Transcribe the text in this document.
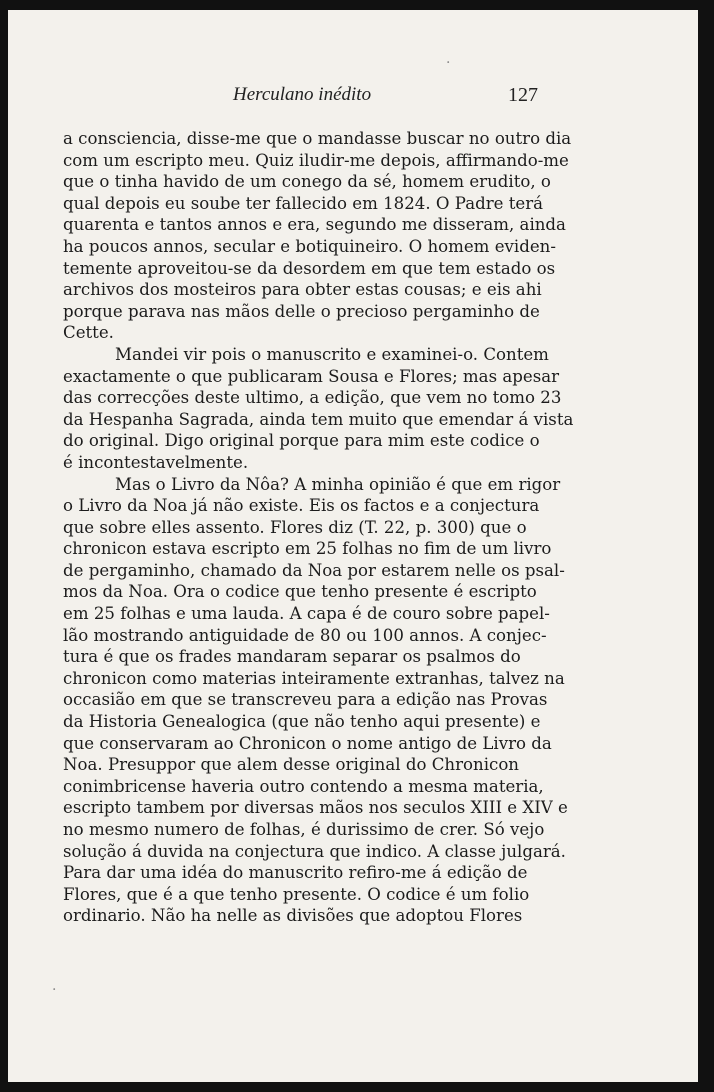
Herculano inédito	127
a consciencia, disse-me que o mandasse buscar no outro dia
com um escripto meu. Quiz iludir-me depois, affirmando-me
que o tinha havido de um conego da sé, homem erudito, o
qual depois eu soube ter fallecido em 1824. O Padre terá
quarenta e tantos annos e era, segundo me disseram, ainda
ha poucos annos, secular e botiquineiro. O homem eviden-
temente aproveitou-se da desordem em que tem estado os
archivos dos mosteiros para obter estas cousas; e eis ahi
porque parava nas mãos delle o precioso pergaminho de
Cette.
Mandei vir pois o manuscrito e examinei-o. Contem
exactamente o que publicaram Sousa e Flores; mas apesar
das correcções deste ultimo, a edição, que vem no tomo 23
da Hespanha Sagrada, ainda tem muito que emendar á vista
do original. Digo original porque para mim este codice o
é incontestavelmente.
Mas o Livro da Nôa? A minha opinião é que em rigor
o Livro da Noa já não existe. Eis os factos e a conjectura
que sobre elles assento. Flores diz (T. 22, p. 300) que o
chronicon estava escripto em 25 folhas no fim de um livro
de pergaminho, chamado da Noa por estarem nelle os psal-
mos da Noa. Ora o codice que tenho presente é escripto
em 25 folhas e uma lauda. A capa é de couro sobre papel-
lão mostrando antiguidade de 80 ou 100 annos. A conjec-
tura é que os frades mandaram separar os psalmos do
chronicon como materias inteiramente extranhas, talvez na
occasião em que se transcreveu para a edição nas Provas
da Historia Genealogica (que não tenho aqui presente) e
que conservaram ao Chronicon o nome antigo de Livro da
Noa. Presuppor que alem desse original do Chronicon
conimbricense haveria outro contendo a mesma materia,
escripto tambem por diversas mãos nos seculos XIII e XIV e
no mesmo numero de folhas, é durissimo de crer. Só vejo
solução á duvida na conjectura que indico. A classe julgará.
Para dar uma idéa do manuscrito refiro-me á edição de
Flores, que é a que tenho presente. O codice é um folio
ordinario. Não ha nelle as divisões que adoptou Flores
·
·
